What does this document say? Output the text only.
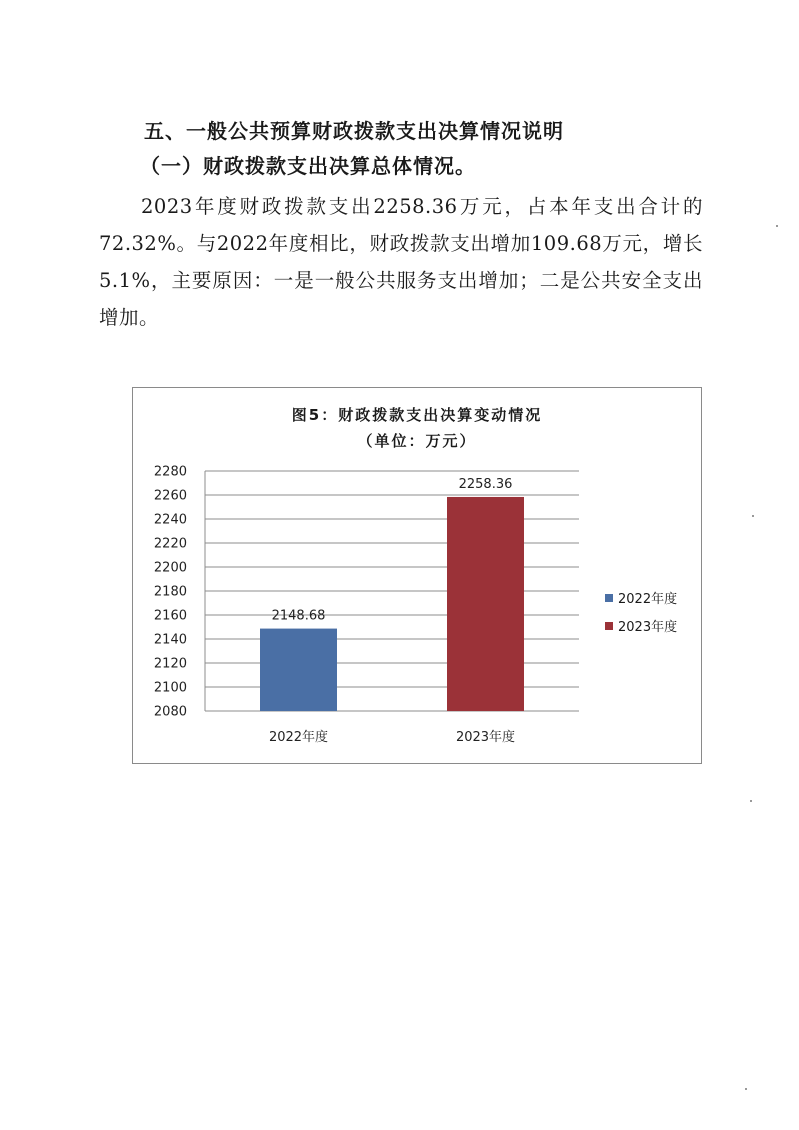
五、一般公共预算财政拨款支出决算情况说明
（一）财政拨款支出决算总体情况。
2023年度财政拨款支出2258.36万元，占本年支出合计的72.32%。与2022年度相比，财政拨款支出增加109.68万元，增长5.1%，主要原因：一是一般公共服务支出增加；二是公共安全支出增加。
图5：财政拨款支出决算变动情况
（单位：万元）
2080
2100
2120
2140
2160
2180
2200
2220
2240
2260
2280
2148.68
2022年度
2258.36
2023年度
2022年度
2023年度
